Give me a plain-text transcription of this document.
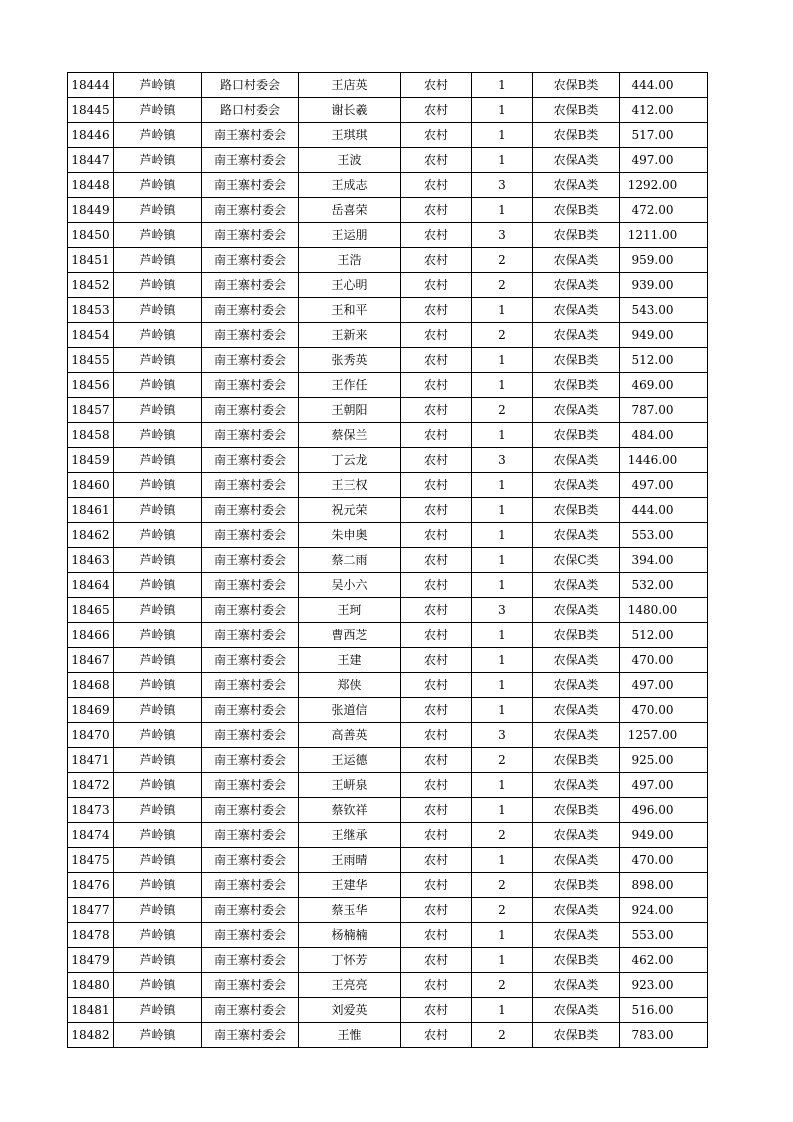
18444	芦岭镇	路口村委会	王店英	农村	1	农保B类	444.00
18445	芦岭镇	路口村委会	谢长羲	农村	1	农保B类	412.00
18446	芦岭镇	南王寨村委会	王琪琪	农村	1	农保B类	517.00
18447	芦岭镇	南王寨村委会	王波	农村	1	农保A类	497.00
18448	芦岭镇	南王寨村委会	王成志	农村	3	农保A类	1292.00
18449	芦岭镇	南王寨村委会	岳喜荣	农村	1	农保B类	472.00
18450	芦岭镇	南王寨村委会	王运朋	农村	3	农保B类	1211.00
18451	芦岭镇	南王寨村委会	王浩	农村	2	农保A类	959.00
18452	芦岭镇	南王寨村委会	王心明	农村	2	农保A类	939.00
18453	芦岭镇	南王寨村委会	王和平	农村	1	农保A类	543.00
18454	芦岭镇	南王寨村委会	王新来	农村	2	农保A类	949.00
18455	芦岭镇	南王寨村委会	张秀英	农村	1	农保B类	512.00
18456	芦岭镇	南王寨村委会	王作任	农村	1	农保B类	469.00
18457	芦岭镇	南王寨村委会	王朝阳	农村	2	农保A类	787.00
18458	芦岭镇	南王寨村委会	蔡保兰	农村	1	农保B类	484.00
18459	芦岭镇	南王寨村委会	丁云龙	农村	3	农保A类	1446.00
18460	芦岭镇	南王寨村委会	王三权	农村	1	农保A类	497.00
18461	芦岭镇	南王寨村委会	祝元荣	农村	1	农保B类	444.00
18462	芦岭镇	南王寨村委会	朱申奥	农村	1	农保A类	553.00
18463	芦岭镇	南王寨村委会	蔡二雨	农村	1	农保C类	394.00
18464	芦岭镇	南王寨村委会	吴小六	农村	1	农保A类	532.00
18465	芦岭镇	南王寨村委会	王珂	农村	3	农保A类	1480.00
18466	芦岭镇	南王寨村委会	曹西芝	农村	1	农保B类	512.00
18467	芦岭镇	南王寨村委会	王建	农村	1	农保A类	470.00
18468	芦岭镇	南王寨村委会	郑侠	农村	1	农保A类	497.00
18469	芦岭镇	南王寨村委会	张道信	农村	1	农保A类	470.00
18470	芦岭镇	南王寨村委会	高善英	农村	3	农保A类	1257.00
18471	芦岭镇	南王寨村委会	王运德	农村	2	农保B类	925.00
18472	芦岭镇	南王寨村委会	王岍泉	农村	1	农保A类	497.00
18473	芦岭镇	南王寨村委会	蔡钦祥	农村	1	农保B类	496.00
18474	芦岭镇	南王寨村委会	王继承	农村	2	农保A类	949.00
18475	芦岭镇	南王寨村委会	王雨晴	农村	1	农保A类	470.00
18476	芦岭镇	南王寨村委会	王建华	农村	2	农保B类	898.00
18477	芦岭镇	南王寨村委会	蔡玉华	农村	2	农保A类	924.00
18478	芦岭镇	南王寨村委会	杨楠楠	农村	1	农保A类	553.00
18479	芦岭镇	南王寨村委会	丁怀芳	农村	1	农保B类	462.00
18480	芦岭镇	南王寨村委会	王亮亮	农村	2	农保A类	923.00
18481	芦岭镇	南王寨村委会	刘爱英	农村	1	农保A类	516.00
18482	芦岭镇	南王寨村委会	王惟	农村	2	农保B类	783.00
